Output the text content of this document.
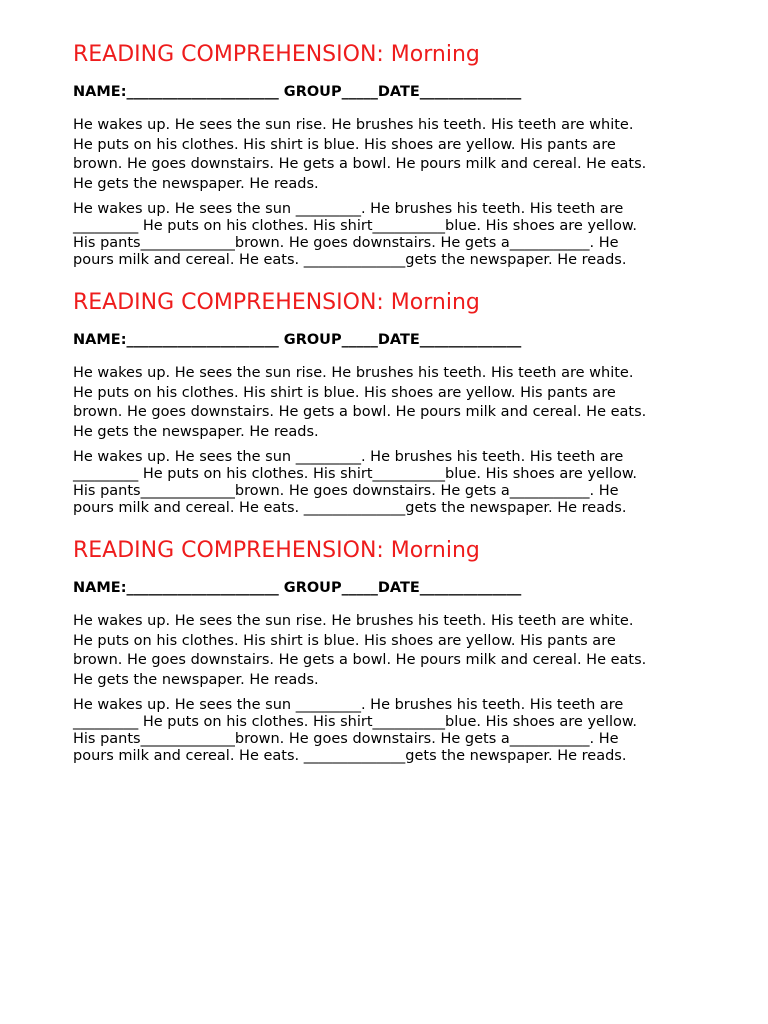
READING COMPREHENSION: Morning
NAME:_____________________ GROUP_____DATE______________
He wakes up. He sees the sun rise. He brushes his teeth. His teeth are white.
He puts on his clothes. His shirt is blue. His shoes are yellow. His pants are
brown. He goes downstairs. He gets a bowl. He pours milk and cereal. He eats.
He gets the newspaper. He reads.
He wakes up. He sees the sun _________. He brushes his teeth. His teeth are
_________ He puts on his clothes. His shirt__________blue. His shoes are yellow.
His pants_____________brown. He goes downstairs. He gets a___________. He
pours milk and cereal. He eats. ______________gets the newspaper. He reads.
READING COMPREHENSION: Morning
NAME:_____________________ GROUP_____DATE______________
He wakes up. He sees the sun rise. He brushes his teeth. His teeth are white.
He puts on his clothes. His shirt is blue. His shoes are yellow. His pants are
brown. He goes downstairs. He gets a bowl. He pours milk and cereal. He eats.
He gets the newspaper. He reads.
He wakes up. He sees the sun _________. He brushes his teeth. His teeth are
_________ He puts on his clothes. His shirt__________blue. His shoes are yellow.
His pants_____________brown. He goes downstairs. He gets a___________. He
pours milk and cereal. He eats. ______________gets the newspaper. He reads.
READING COMPREHENSION: Morning
NAME:_____________________ GROUP_____DATE______________
He wakes up. He sees the sun rise. He brushes his teeth. His teeth are white.
He puts on his clothes. His shirt is blue. His shoes are yellow. His pants are
brown. He goes downstairs. He gets a bowl. He pours milk and cereal. He eats.
He gets the newspaper. He reads.
He wakes up. He sees the sun _________. He brushes his teeth. His teeth are
_________ He puts on his clothes. His shirt__________blue. His shoes are yellow.
His pants_____________brown. He goes downstairs. He gets a___________. He
pours milk and cereal. He eats. ______________gets the newspaper. He reads.
